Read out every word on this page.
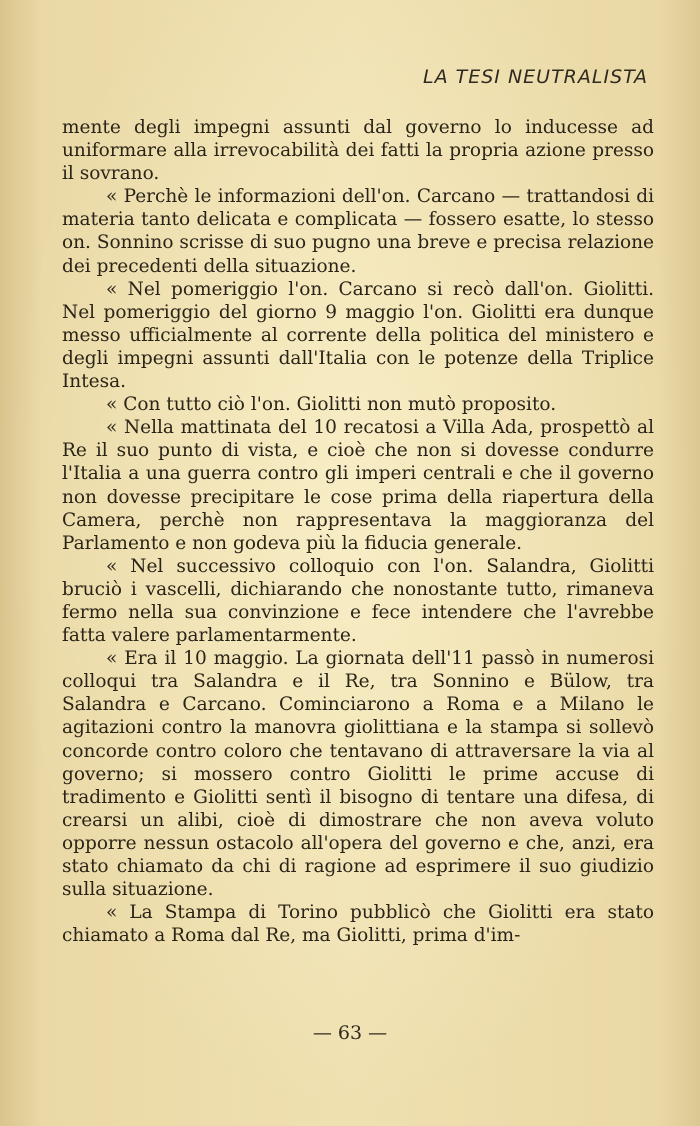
LA TESI NEUTRALISTA

mente degli impegni assunti dal governo lo inducesse ad uniformare alla irrevocabilità dei fatti la propria azione presso il sovrano.

« Perchè le informazioni dell'on. Carcano — trattandosi di materia tanto delicata e complicata — fossero esatte, lo stesso on. Sonnino scrisse di suo pugno una breve e precisa relazione dei precedenti della situazione.

« Nel pomeriggio l'on. Carcano si recò dall'on. Giolitti. Nel pomeriggio del giorno 9 maggio l'on. Giolitti era dunque messo ufficialmente al corrente della politica del ministero e degli impegni assunti dall'Italia con le potenze della Triplice Intesa.

« Con tutto ciò l'on. Giolitti non mutò proposito.

« Nella mattinata del 10 recatosi a Villa Ada, prospettò al Re il suo punto di vista, e cioè che non si dovesse condurre l'Italia a una guerra contro gli imperi centrali e che il governo non dovesse precipitare le cose prima della riapertura della Camera, perchè non rappresentava la maggioranza del Parlamento e non godeva più la fiducia generale.

« Nel successivo colloquio con l'on. Salandra, Giolitti bruciò i vascelli, dichiarando che nonostante tutto, rimaneva fermo nella sua convinzione e fece intendere che l'avrebbe fatta valere parlamentarmente.

« Era il 10 maggio. La giornata dell'11 passò in numerosi colloqui tra Salandra e il Re, tra Sonnino e Bülow, tra Salandra e Carcano. Cominciarono a Roma e a Milano le agitazioni contro la manovra giolittiana e la stampa si sollevò concorde contro coloro che tentavano di attraversare la via al governo; si mossero contro Giolitti le prime accuse di tradimento e Giolitti sentì il bisogno di tentare una difesa, di crearsi un alibi, cioè di dimostrare che non aveva voluto opporre nessun ostacolo all'opera del governo e che, anzi, era stato chiamato da chi di ragione ad esprimere il suo giudizio sulla situazione.

« La Stampa di Torino pubblicò che Giolitti era stato chiamato a Roma dal Re, ma Giolitti, prima d'im-

— 63 —
